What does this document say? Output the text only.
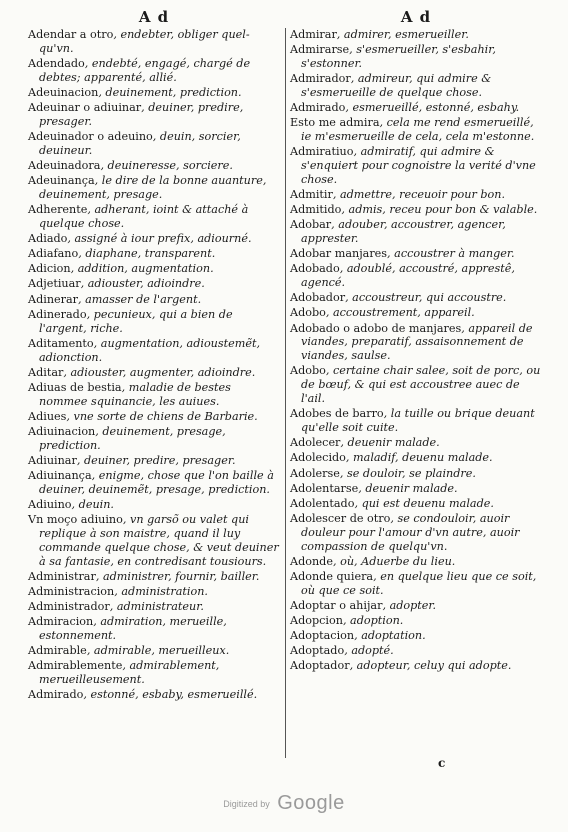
A d
Adendar a otro, endebter, obliger quel-qu'vn.
Adendado, endebté, engagé, chargé de debtes; apparenté, allié.
Adeuinacion, deuinement, prediction.
Adeuinar o adiuinar, deuiner, predire, presager.
Adeuinador o adeuino, deuin, sorcier, deuineur.
Adeuinadora, deuineresse, sorciere.
Adeuinança, le dire de la bonne auanture, deuinement, presage.
Adherente, adherant, ioint & attaché à quelque chose.
Adiado, assigné à iour prefix, adiourné.
Adiafano, diaphane, transparent.
Adicion, addition, augmentation.
Adjetiuar, adiouster, adioindre.
Adinerar, amasser de l'argent.
Adinerado, pecunieux, qui a bien de l'argent, riche.
Aditamento, augmentation, adioustemẽt, adionction.
Aditar, adiouster, augmenter, adioindre.
Adiuas de bestia, maladie de bestes nommee squinancie, les auiues.
Adiues, vne sorte de chiens de Barbarie.
Adiuinacion, deuinement, presage, prediction.
Adiuinar, deuiner, predire, presager.
Adiuinança, enigme, chose que l'on baille à deuiner, deuinemẽt, presage, prediction.
Adiuino, deuin.
Vn moço adiuino, vn garsõ ou valet qui replique à son maistre, quand il luy commande quelque chose, & veut deuiner à sa fantasie, en contredisant tousiours.
Administrar, administrer, fournir, bailler.
Administracion, administration.
Administrador, administrateur.
Admiracion, admiration, merueille, estonnement.
Admirable, admirable, merueilleux.
Admirablemente, admirablement, merueilleusement.
Admirado, estonné, esbaby, esmerueillé.
A d
Admirar, admirer, esmerueiller.
Admirarse, s'esmerueiller, s'esbahir, s'estonner.
Admirador, admireur, qui admire & s'esmerueille de quelque chose.
Admirado, esmerueillé, estonné, esbahy.
Esto me admira, cela me rend esmerueillé, ie m'esmerueille de cela, cela m'estonne.
Admiratiuo, admiratif, qui admire & s'enquiert pour cognoistre la verité d'vne chose.
Admitir, admettre, receuoir pour bon.
Admitido, admis, receu pour bon & valable.
Adobar, adouber, accoustrer, agencer, apprester.
Adobar manjares, accoustrer à manger.
Adobado, adoublé, accoustré, apprestê, agencé.
Adobador, accoustreur, qui accoustre.
Adobo, accoustrement, appareil.
Adobado o adobo de manjares, appareil de viandes, preparatif, assaisonnement de viandes, saulse.
Adobo, certaine chair salee, soit de porc, ou de bœuf, & qui est accoustree auec de l'ail.
Adobes de barro, la tuille ou brique deuant qu'elle soit cuite.
Adolecer, deuenir malade.
Adolecido, maladif, deuenu malade.
Adolerse, se douloir, se plaindre.
Adolentarse, deuenir malade.
Adolentado, qui est deuenu malade.
Adolescer de otro, se condouloir, auoir douleur pour l'amour d'vn autre, auoir compassion de quelqu'vn.
Adonde, où, Aduerbe du lieu.
Adonde quiera, en quelque lieu que ce soit, où que ce soit.
Adoptar o ahijar, adopter.
Adopcion, adoption.
Adoptacion, adoptation.
Adoptado, adopté.
Adoptador, adopteur, celuy qui adopte.
c
Digitized by Google
